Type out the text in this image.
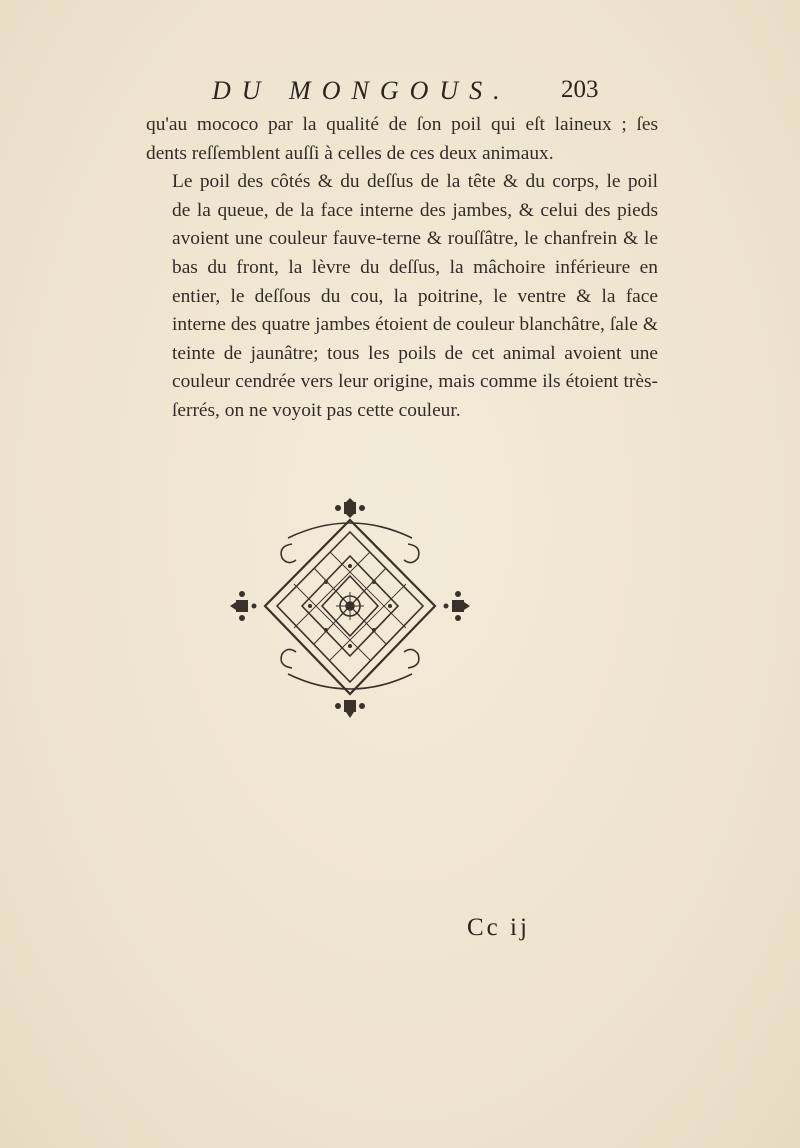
DU MONGOUS. 203

qu'au mococo par la qualité de ſon poil qui eſt laineux ; ſes
dents reſſemblent auſſi à celles de ces deux animaux.

Le poil des côtés & du deſſus de la tête & du corps, le poil
de la queue, de la face interne des jambes, & celui des pieds
avoient une couleur fauve-terne & rouſſâtre, le chanfrein & le
bas du front, la lèvre du deſſus, la mâchoire inférieure en
entier, le deſſous du cou, la poitrine, le ventre & la face
interne des quatre jambes étoient de couleur blanchâtre, ſale &
teinte de jaunâtre; tous les poils de cet animal avoient une
couleur cendrée vers leur origine, mais comme ils étoient très-
ſerrés, on ne voyoit pas cette couleur.

Cc ij
